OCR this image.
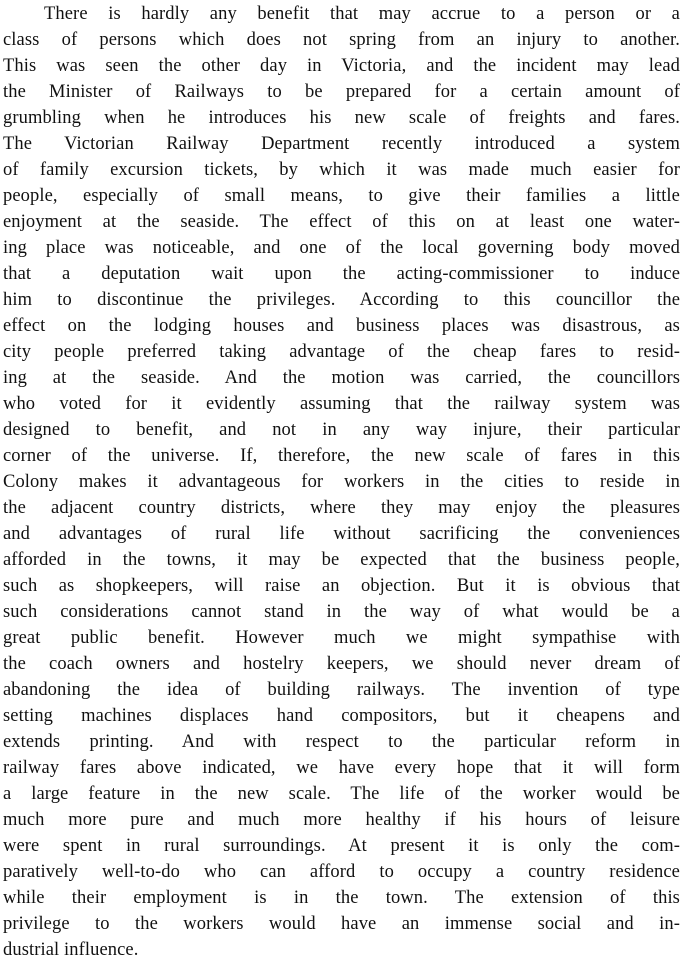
There is hardly any benefit that may accrue to a person or a
class of persons which does not spring from an injury to another.
This was seen the other day in Victoria, and the incident may lead
the Minister of Railways to be prepared for a certain amount of
grumbling when he introduces his new scale of freights and fares.
The Victorian Railway Department recently introduced a system
of family excursion tickets, by which it was made much easier for
people, especially of small means, to give their families a little
enjoyment at the seaside. The effect of this on at least one water-
ing place was noticeable, and one of the local governing body moved
that a deputation wait upon the acting-commissioner to induce
him to discontinue the privileges. According to this councillor the
effect on the lodging houses and business places was disastrous, as
city people preferred taking advantage of the cheap fares to resid-
ing at the seaside. And the motion was carried, the councillors
who voted for it evidently assuming that the railway system was
designed to benefit, and not in any way injure, their particular
corner of the universe. If, therefore, the new scale of fares in this
Colony makes it advantageous for workers in the cities to reside in
the adjacent country districts, where they may enjoy the pleasures
and advantages of rural life without sacrificing the conveniences
afforded in the towns, it may be expected that the business people,
such as shopkeepers, will raise an objection. But it is obvious that
such considerations cannot stand in the way of what would be a
great public benefit. However much we might sympathise with
the coach owners and hostelry keepers, we should never dream of
abandoning the idea of building railways. The invention of type
setting machines displaces hand compositors, but it cheapens and
extends printing. And with respect to the particular reform in
railway fares above indicated, we have every hope that it will form
a large feature in the new scale. The life of the worker would be
much more pure and much more healthy if his hours of leisure
were spent in rural surroundings. At present it is only the com-
paratively well-to-do who can afford to occupy a country residence
while their employment is in the town. The extension of this
privilege to the workers would have an immense social and in-
dustrial influence.
